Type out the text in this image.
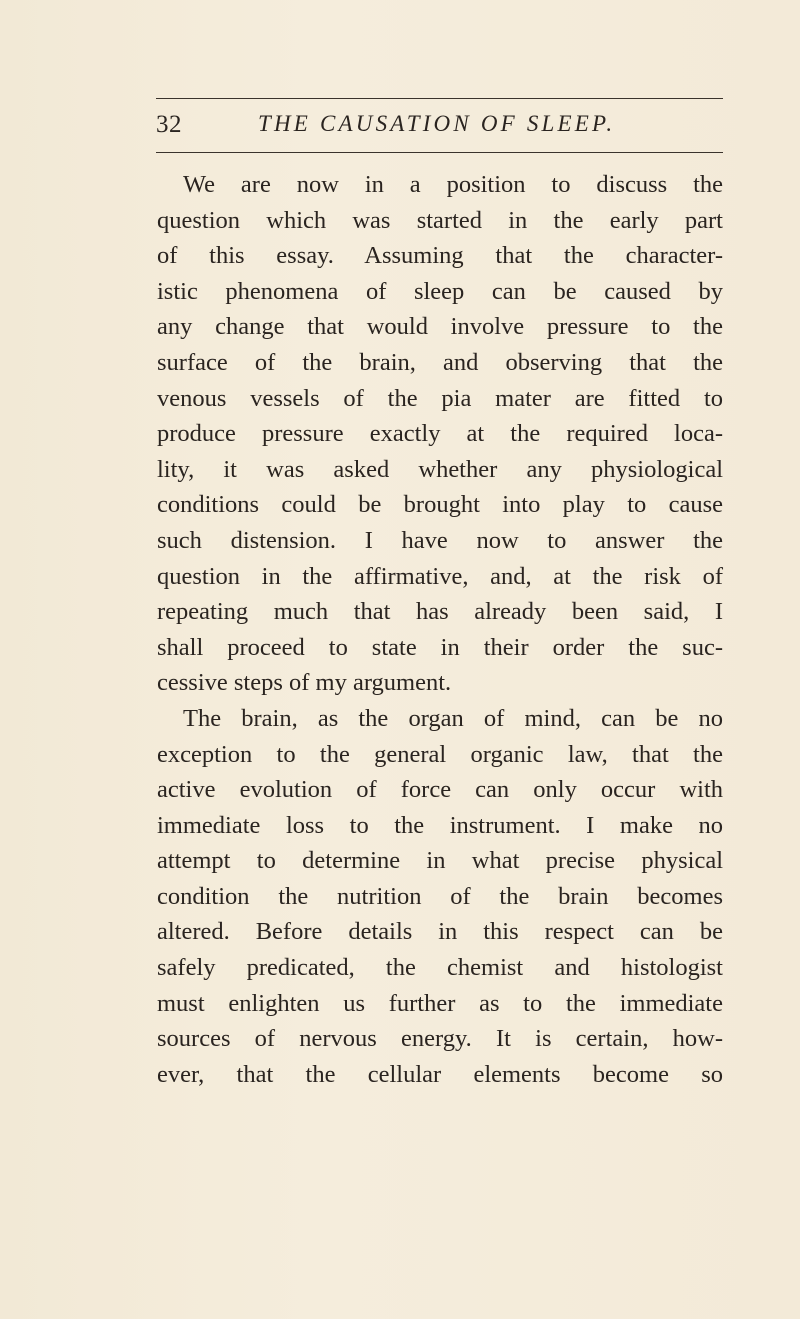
32	THE CAUSATION OF SLEEP.
We are now in a position to discuss the
question which was started in the early part
of this essay. Assuming that the character-
istic phenomena of sleep can be caused by
any change that would involve pressure to the
surface of the brain, and observing that the
venous vessels of the pia mater are fitted to
produce pressure exactly at the required loca-
lity, it was asked whether any physiological
conditions could be brought into play to cause
such distension. I have now to answer the
question in the affirmative, and, at the risk of
repeating much that has already been said, I
shall proceed to state in their order the suc-
cessive steps of my argument.
The brain, as the organ of mind, can be no
exception to the general organic law, that the
active evolution of force can only occur with
immediate loss to the instrument. I make no
attempt to determine in what precise physical
condition the nutrition of the brain becomes
altered. Before details in this respect can be
safely predicated, the chemist and histologist
must enlighten us further as to the immediate
sources of nervous energy. It is certain, how-
ever, that the cellular elements become so
